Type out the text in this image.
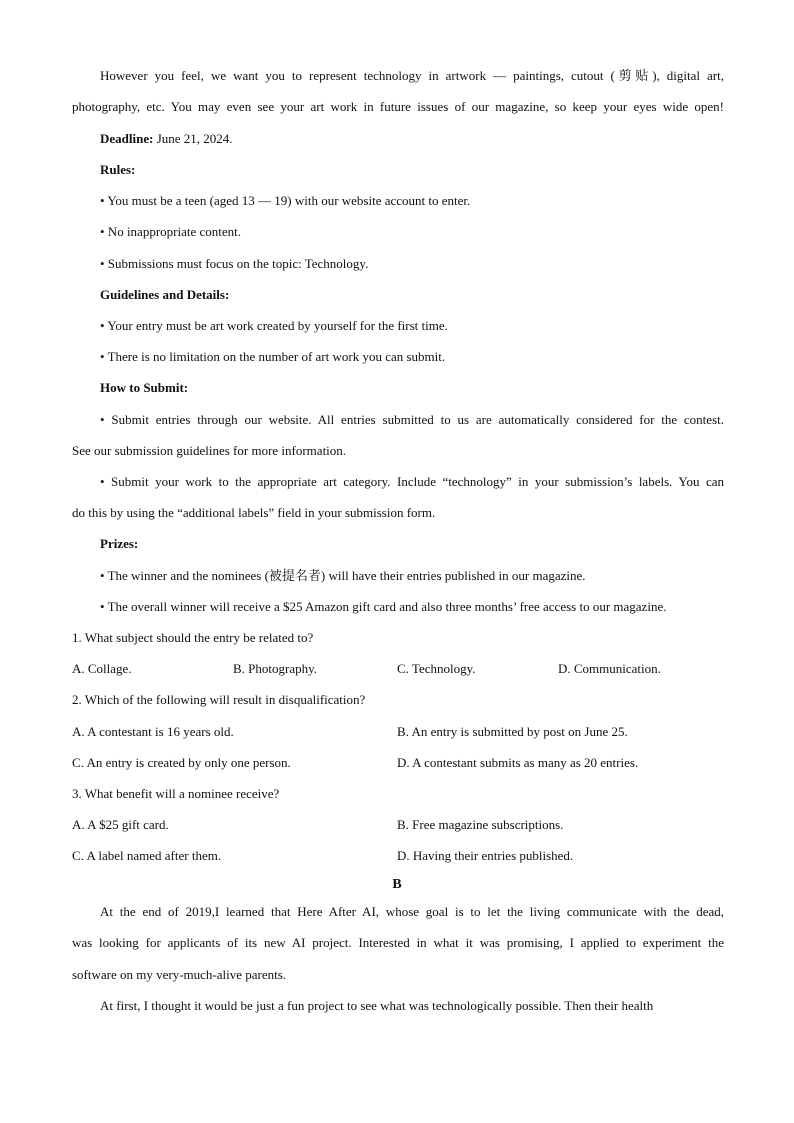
However you feel, we want you to represent technology in artwork — paintings, cutout (剪贴), digital art,
photography, etc. You may even see your art work in future issues of our magazine, so keep your eyes wide open!
Deadline: June 21, 2024.
Rules:
• You must be a teen (aged 13 — 19) with our website account to enter.
• No inappropriate content.
• Submissions must focus on the topic: Technology.
Guidelines and Details:
• Your entry must be art work created by yourself for the first time.
• There is no limitation on the number of art work you can submit.
How to Submit:
• Submit entries through our website. All entries submitted to us are automatically considered for the contest.
See our submission guidelines for more information.
• Submit your work to the appropriate art category. Include “technology” in your submission’s labels. You can
do this by using the “additional labels” field in your submission form.
Prizes:
• The winner and the nominees (被提名者) will have their entries published in our magazine.
• The overall winner will receive a $25 Amazon gift card and also three months’ free access to our magazine.
1. What subject should the entry be related to?
A. Collage.	B. Photography.	C. Technology.	D. Communication.
2. Which of the following will result in disqualification?
A. A contestant is 16 years old.	B. An entry is submitted by post on June 25.
C. An entry is created by only one person.	D. A contestant submits as many as 20 entries.
3. What benefit will a nominee receive?
A. A $25 gift card.	B. Free magazine subscriptions.
C. A label named after them.	D. Having their entries published.
B
At the end of 2019,I learned that Here After AI, whose goal is to let the living communicate with the dead,
was looking for applicants of its new AI project. Interested in what it was promising, I applied to experiment the
software on my very-much-alive parents.
At first, I thought it would be just a fun project to see what was technologically possible. Then their health
